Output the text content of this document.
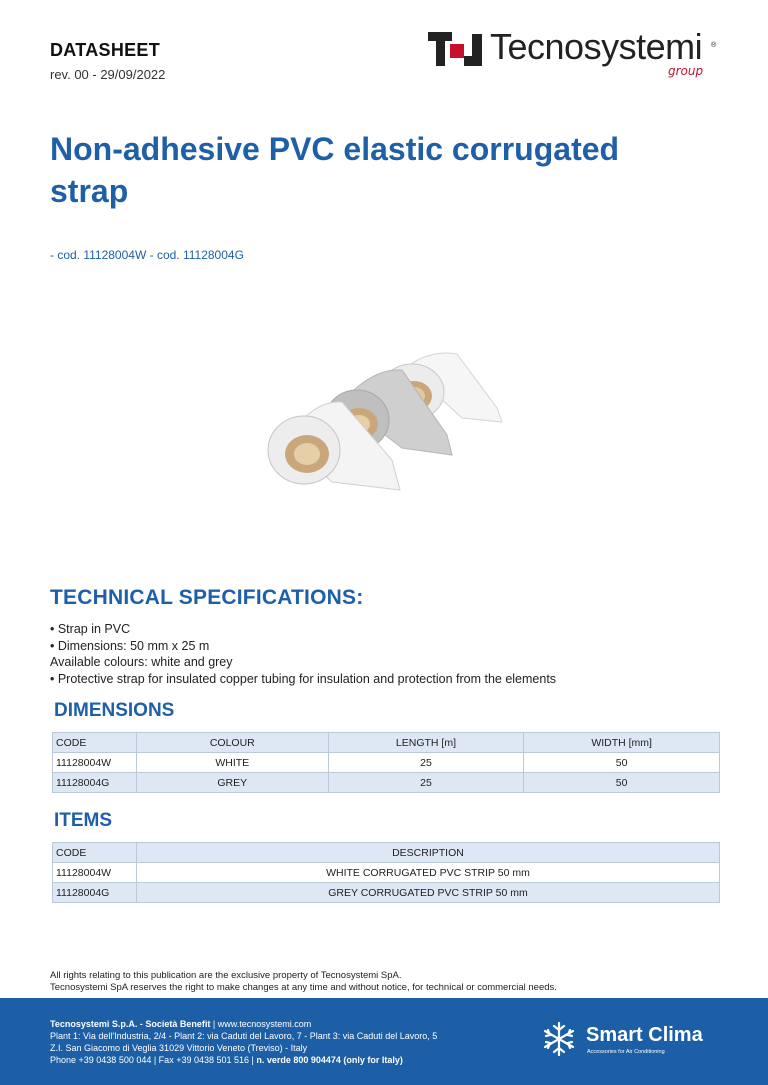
DATASHEET
rev. 00 - 29/09/2022
Tecnosystemi ®
group
Non-adhesive PVC elastic corrugated strap
- cod. 11128004W - cod. 11128004G
TECHNICAL SPECIFICATIONS:
• Strap in PVC
• Dimensions: 50 mm x 25 m
Available colours: white and grey
• Protective strap for insulated copper tubing for insulation and protection from the elements
DIMENSIONS
CODE	COLOUR	LENGTH [m]	WIDTH [mm]
11128004W	WHITE	25	50
11128004G	GREY	25	50
ITEMS
CODE	DESCRIPTION
11128004W	WHITE CORRUGATED PVC STRIP 50 mm
11128004G	GREY CORRUGATED PVC STRIP 50 mm
All rights relating to this publication are the exclusive property of Tecnosystemi SpA.
Tecnosystemi SpA reserves the right to make changes at any time and without notice, for technical or commercial needs.
Tecnosystemi S.p.A. - Società Benefit | www.tecnosystemi.com
Plant 1: Via dell'Industria, 2/4 - Plant 2: via Caduti del Lavoro, 7 - Plant 3: via Caduti del Lavoro, 5
Z.I. San Giacomo di Veglia 31029 Vittorio Veneto (Treviso) - Italy
Phone +39 0438 500 044 | Fax +39 0438 501 516 | n. verde 800 904474 (only for Italy)
Smart Clima
Accessories for Air Conditioning
